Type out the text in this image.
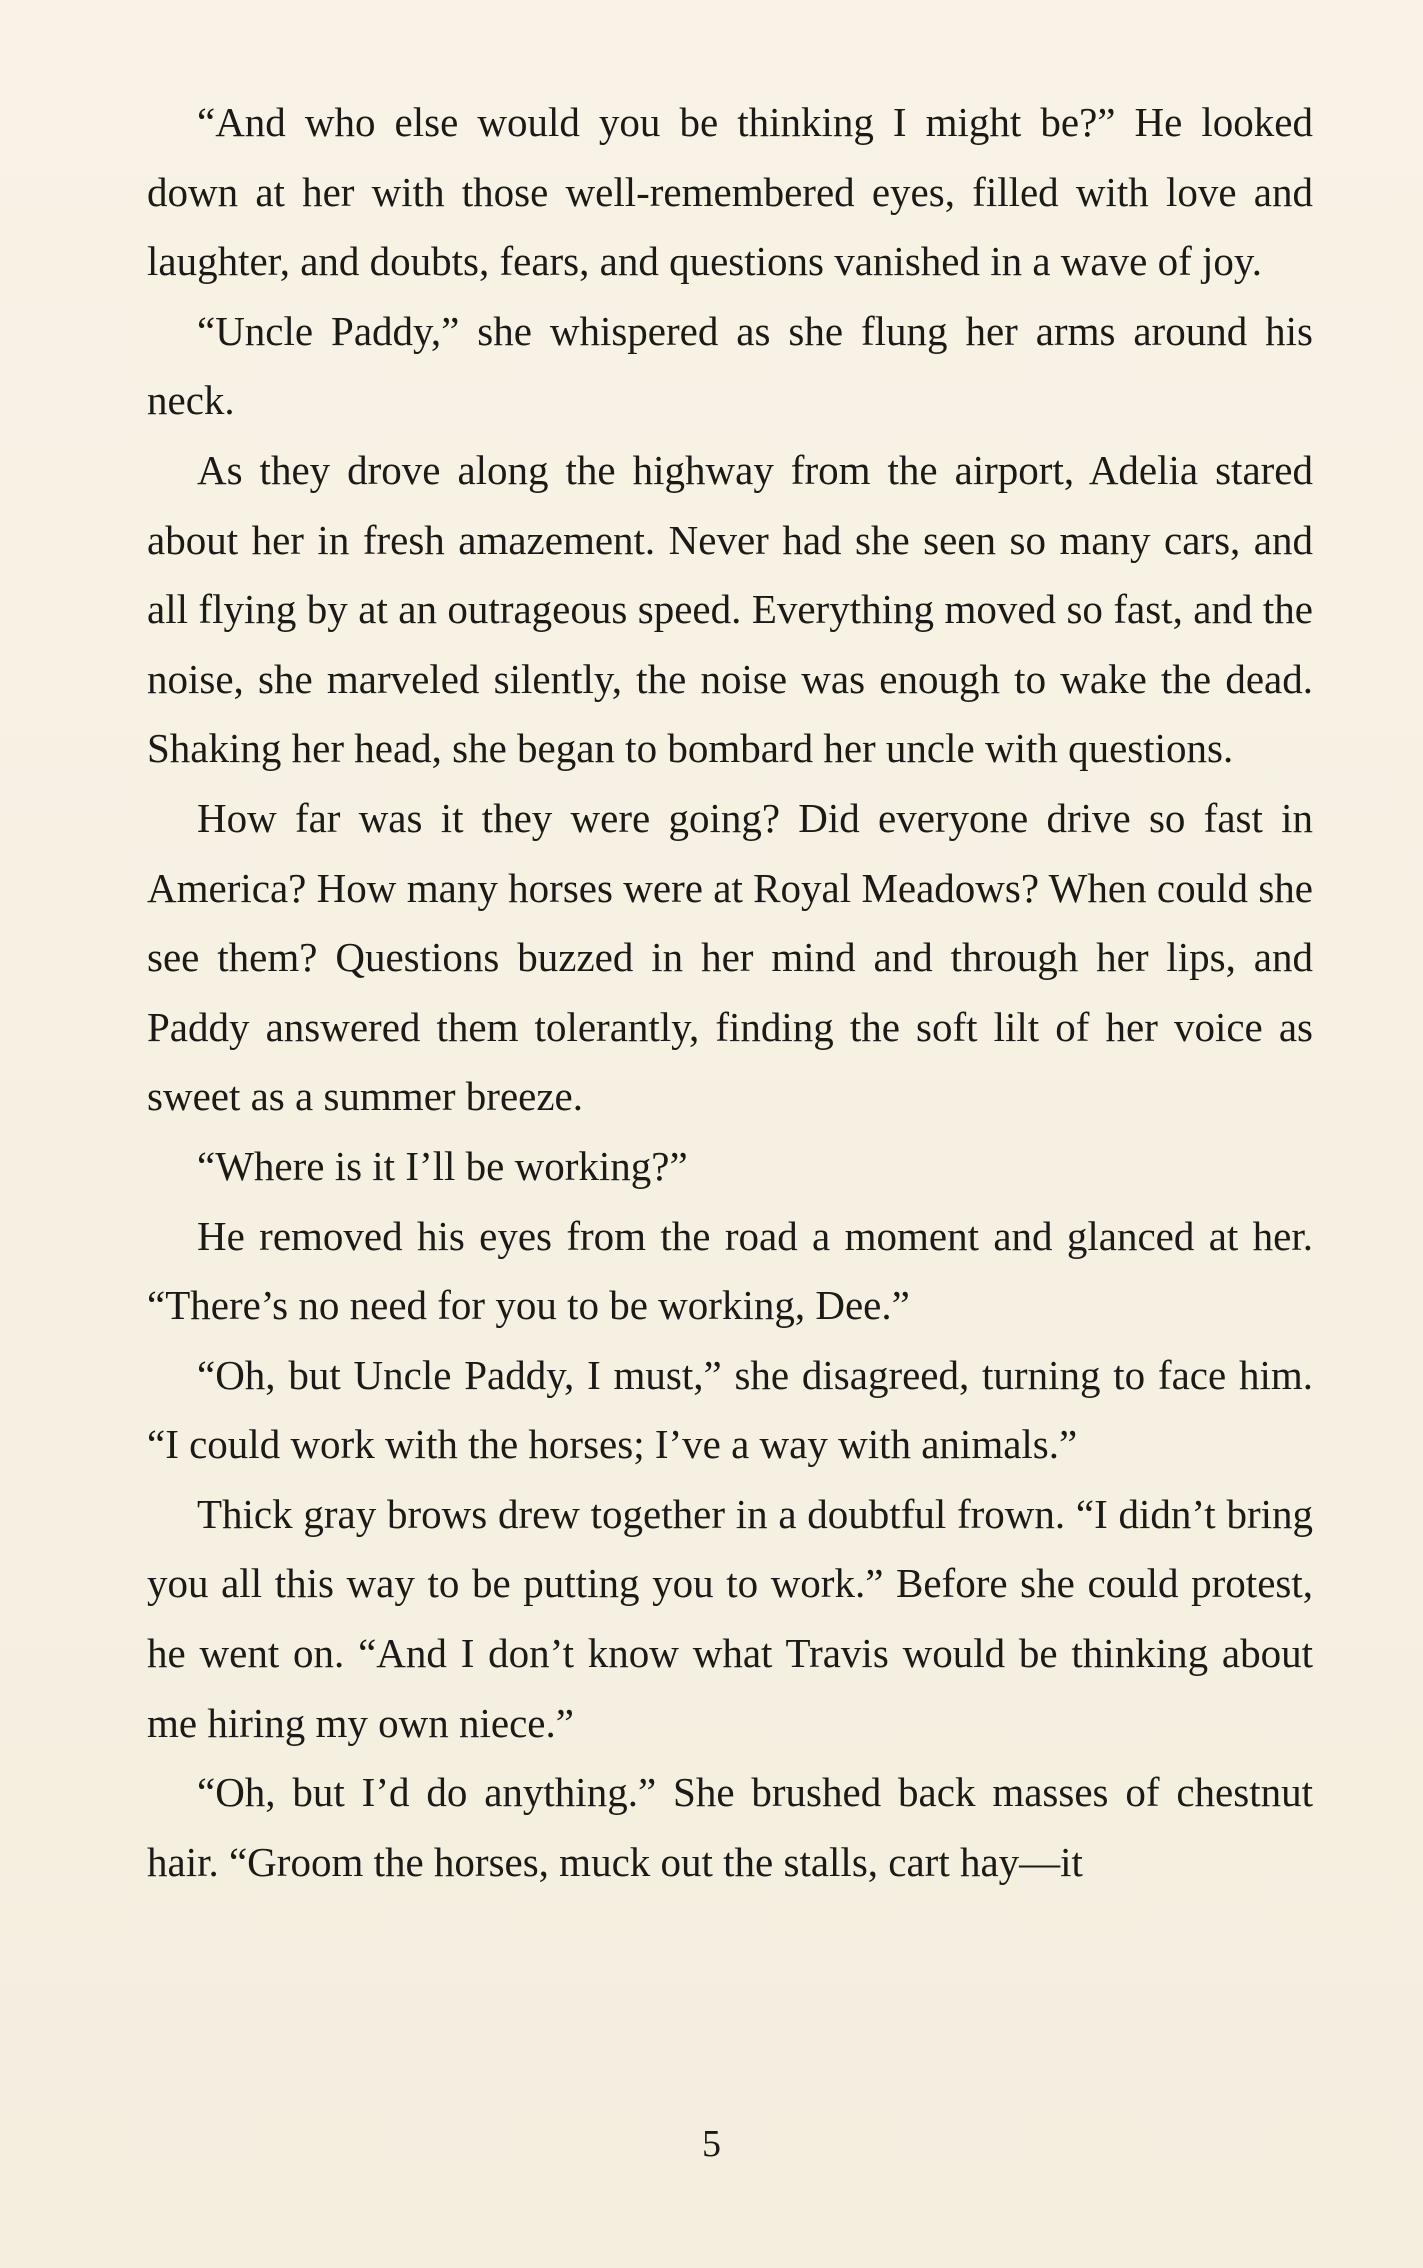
“And who else would you be thinking I might be?” He looked down at her with those well-remembered eyes, filled with love and laughter, and doubts, fears, and questions vanished in a wave of joy.

“Uncle Paddy,” she whispered as she flung her arms around his neck.

As they drove along the highway from the airport, Adelia stared about her in fresh amazement. Never had she seen so many cars, and all flying by at an outrageous speed. Everything moved so fast, and the noise, she marveled silently, the noise was enough to wake the dead. Shaking her head, she began to bombard her uncle with questions.

How far was it they were going? Did everyone drive so fast in America? How many horses were at Royal Meadows? When could she see them? Questions buzzed in her mind and through her lips, and Paddy answered them tolerantly, finding the soft lilt of her voice as sweet as a summer breeze.

“Where is it I’ll be working?”

He removed his eyes from the road a moment and glanced at her. “There’s no need for you to be working, Dee.”

“Oh, but Uncle Paddy, I must,” she disagreed, turning to face him. “I could work with the horses; I’ve a way with animals.”

Thick gray brows drew together in a doubtful frown. “I didn’t bring you all this way to be putting you to work.” Before she could protest, he went on. “And I don’t know what Travis would be thinking about me hiring my own niece.”

“Oh, but I’d do anything.” She brushed back masses of chestnut hair. “Groom the horses, muck out the stalls, cart hay—it

5
